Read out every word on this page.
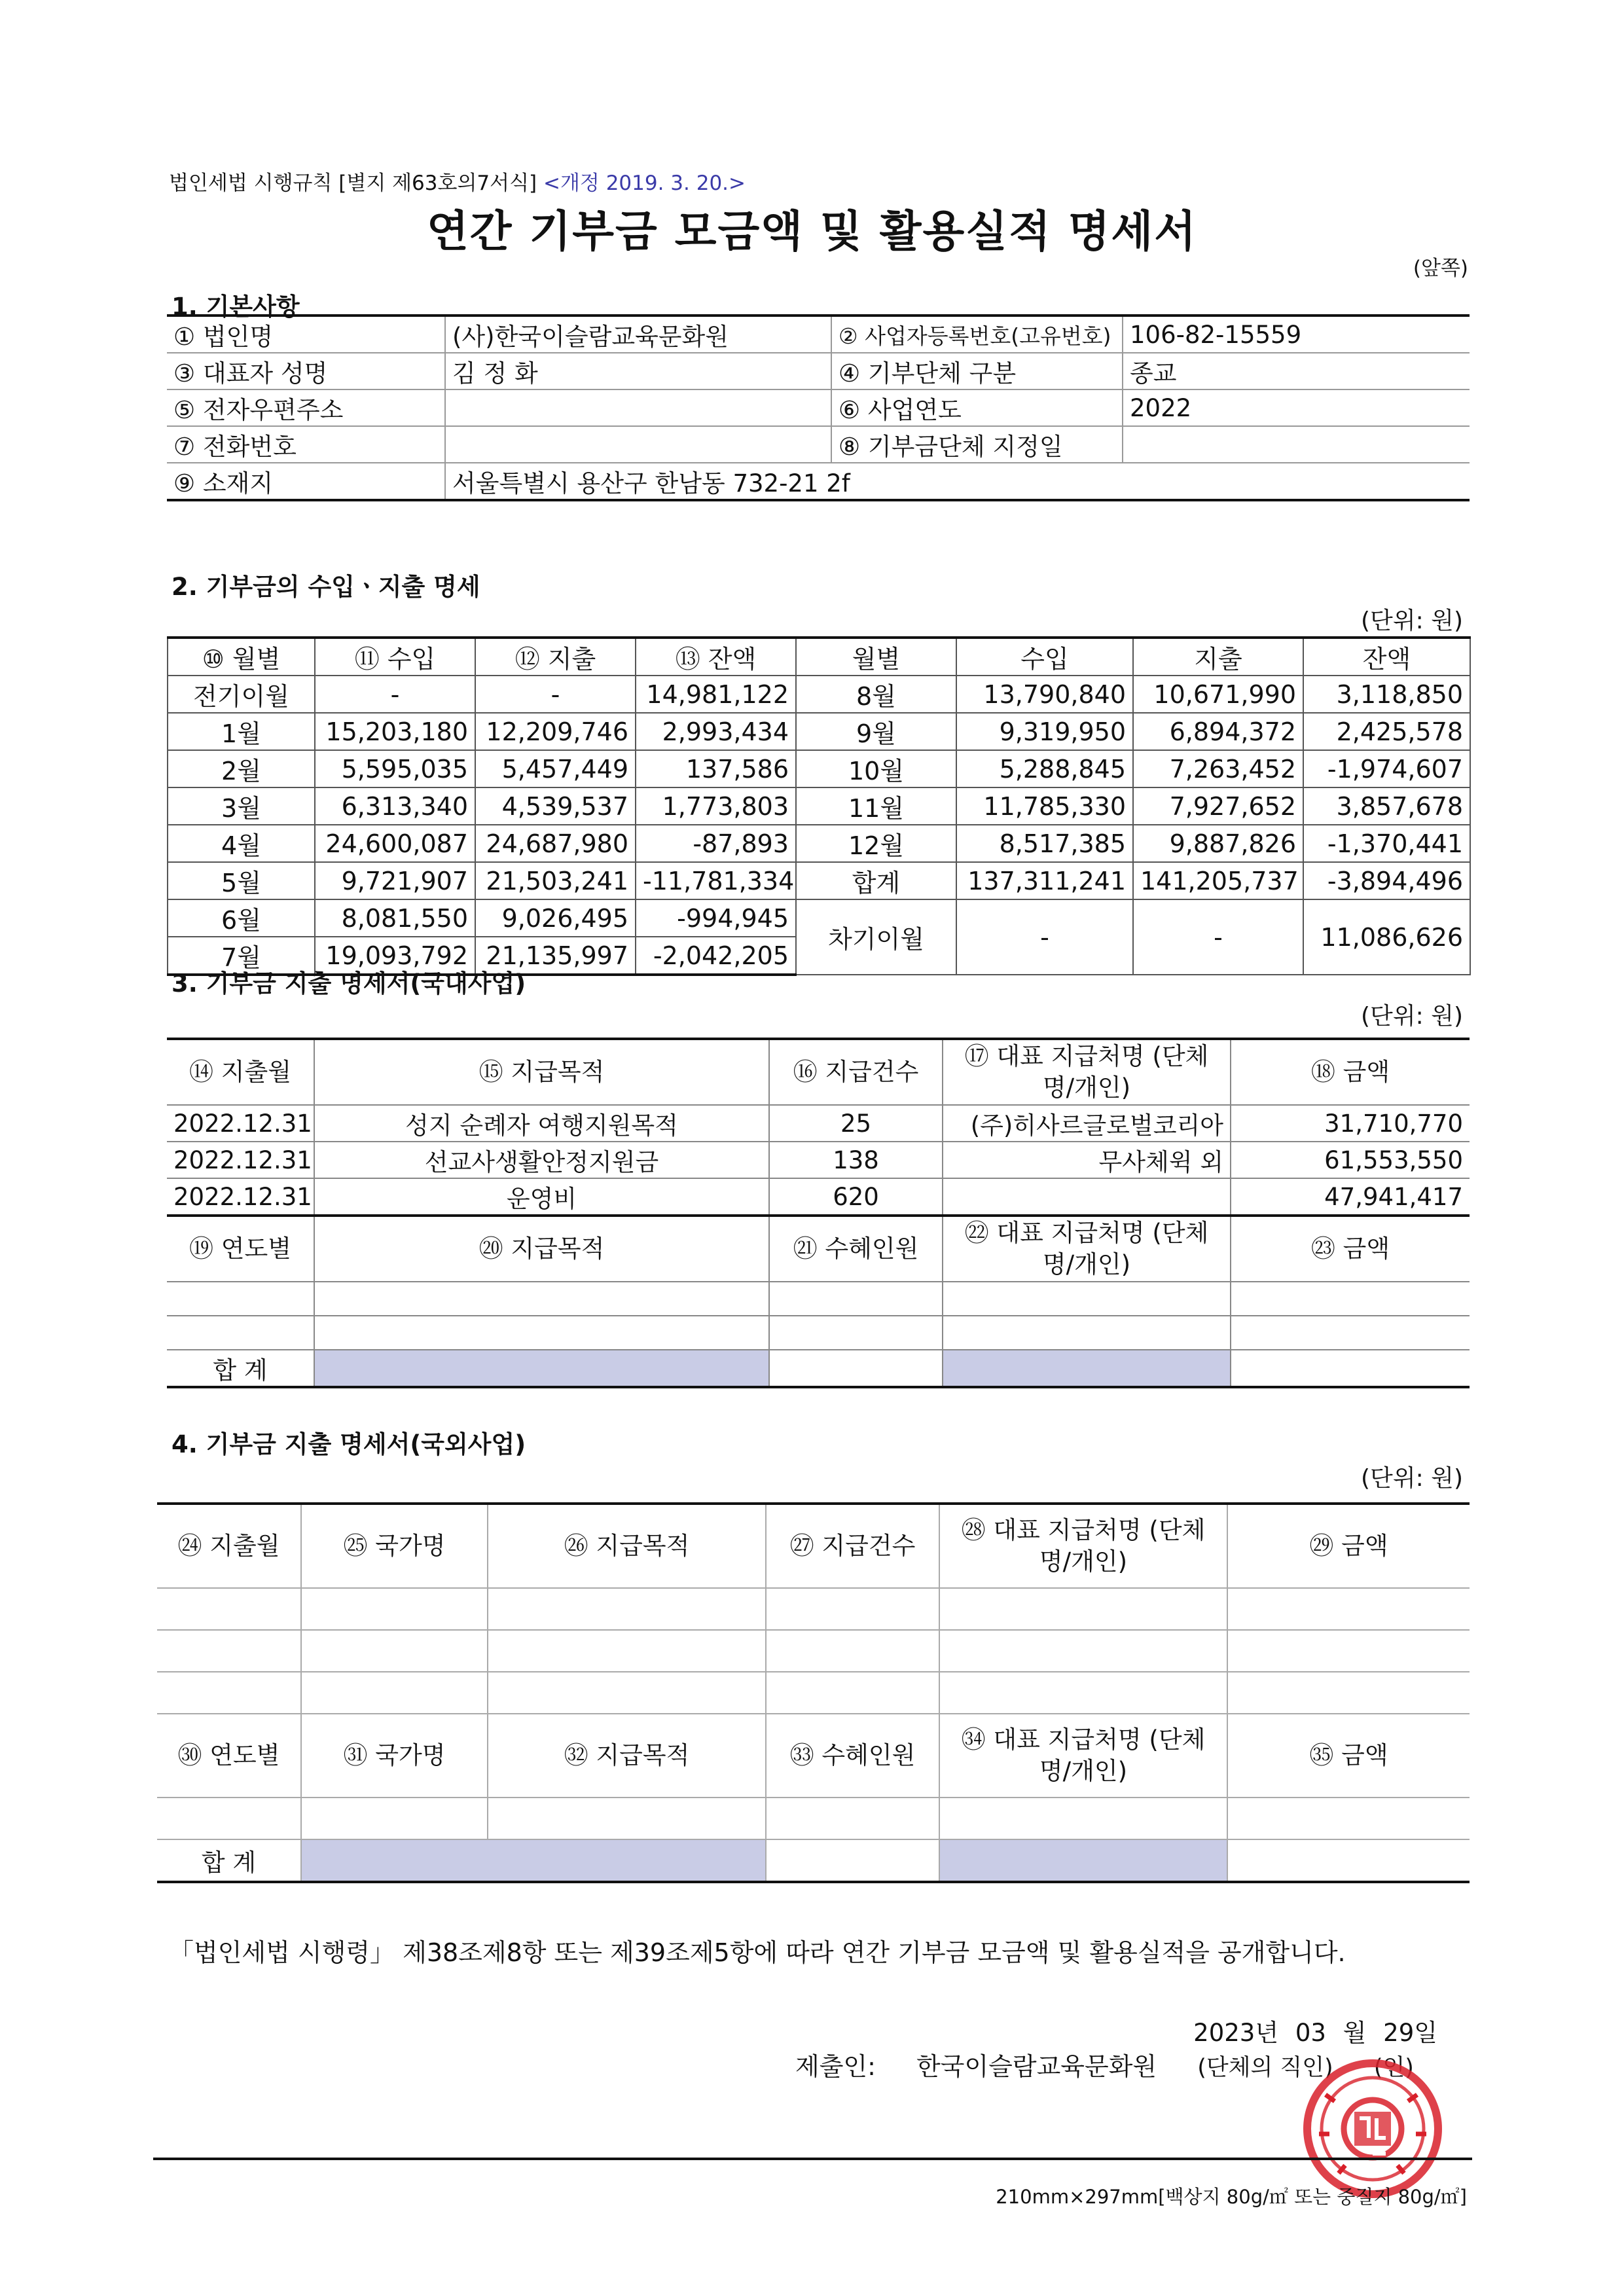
법인세법 시행규칙 [별지 제63호의7서식] <개정 2019. 3. 20.>
연간 기부금 모금액 및 활용실적 명세서
(앞쪽)
1. 기본사항
① 법인명	(사)한국이슬람교육문화원	② 사업자등록번호(고유번호)	106-82-15559
③ 대표자 성명	김 정 화	④ 기부단체 구분	종교
⑤ 전자우편주소		⑥ 사업연도	2022
⑦ 전화번호		⑧ 기부금단체 지정일	
⑨ 소재지	서울특별시 용산구 한남동 732-21 2f		
2. 기부금의 수입ㆍ지출 명세
(단위: 원)
⑩ 월별	⑪ 수입	⑫ 지출	⑬ 잔액	월별	수입	지출	잔액
전기이월	-	-	14,981,122	8월	13,790,840	10,671,990	3,118,850
1월	15,203,180	12,209,746	2,993,434	9월	9,319,950	6,894,372	2,425,578
2월	5,595,035	5,457,449	137,586	10월	5,288,845	7,263,452	-1,974,607
3월	6,313,340	4,539,537	1,773,803	11월	11,785,330	7,927,652	3,857,678
4월	24,600,087	24,687,980	-87,893	12월	8,517,385	9,887,826	-1,370,441
5월	9,721,907	21,503,241	-11,781,334	합계	137,311,241	141,205,737	-3,894,496
6월	8,081,550	9,026,495	-994,945	차기이월	-	-	11,086,626
7월	19,093,792	21,135,997	-2,042,205				
3. 기부금 지출 명세서(국내사업)
(단위: 원)
⑭ 지출월	⑮ 지급목적	⑯ 지급건수	⑰ 대표 지급처명 (단체명/개인)	⑱ 금액
2022.12.31	성지 순례자 여행지원목적	25	(주)히사르글로벌코리아	31,710,770
2022.12.31	선교사생활안정지원금	138	무사체윅 외	61,553,550
2022.12.31	운영비	620		47,941,417
⑲ 연도별	⑳ 지급목적	㉑ 수혜인원	㉒ 대표 지급처명 (단체명/개인)	㉓ 금액

합 계				
4. 기부금 지출 명세서(국외사업)
(단위: 원)
㉔ 지출월	㉕ 국가명	㉖ 지급목적	㉗ 지급건수	㉘ 대표 지급처명 (단체명/개인)	㉙ 금액

㉚ 연도별	㉛ 국가명	㉜ 지급목적	㉝ 수혜인원	㉞ 대표 지급처명 (단체명/개인)	㉟ 금액

합 계					
「법인세법 시행령」 제38조제8항 또는 제39조제5항에 따라 연간 기부금 모금액 및 활용실적을 공개합니다.
2023년 03 월 29일
제출인: 한국이슬람교육문화원 (단체의 직인) (인)
210mm×297mm[백상지 80g/㎡ 또는 중질지 80g/㎡]
